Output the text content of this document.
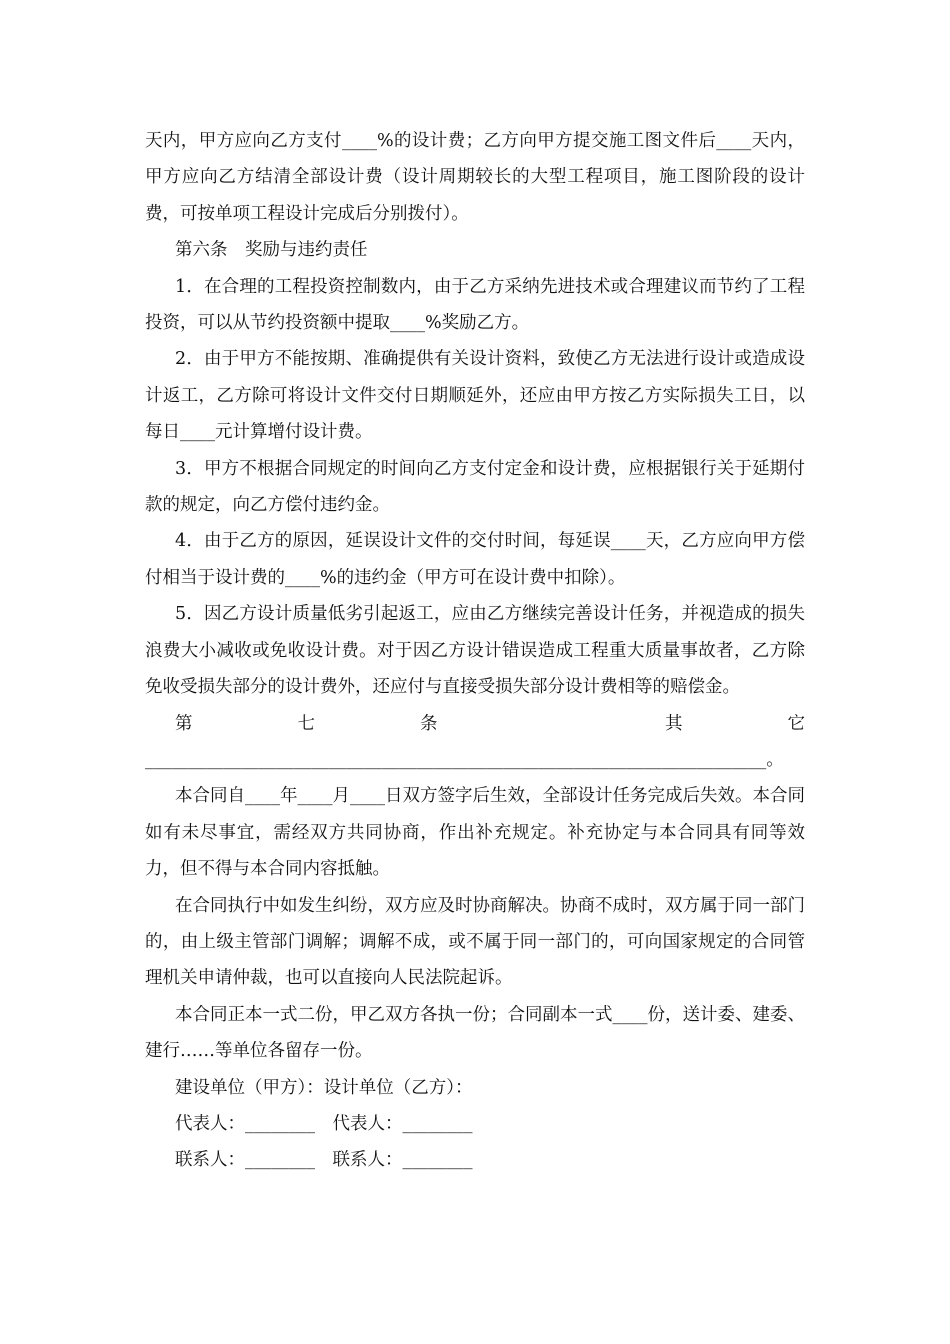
天内，甲方应向乙方支付____%的设计费；乙方向甲方提交施工图文件后____天内，甲方应向乙方结清全部设计费（设计周期较长的大型工程项目，施工图阶段的设计费，可按单项工程设计完成后分别拨付）。

第六条　奖励与违约责任

1．在合理的工程投资控制数内，由于乙方采纳先进技术或合理建议而节约了工程投资，可以从节约投资额中提取____%奖励乙方。

2．由于甲方不能按期、准确提供有关设计资料，致使乙方无法进行设计或造成设计返工，乙方除可将设计文件交付日期顺延外，还应由甲方按乙方实际损失工日，以每日____元计算增付设计费。

3．甲方不根据合同规定的时间向乙方支付定金和设计费，应根据银行关于延期付款的规定，向乙方偿付违约金。

4．由于乙方的原因，延误设计文件的交付时间，每延误____天，乙方应向甲方偿付相当于设计费的____%的违约金（甲方可在设计费中扣除）。

5．因乙方设计质量低劣引起返工，应由乙方继续完善设计任务，并视造成的损失浪费大小减收或免收设计费。对于因乙方设计错误造成工程重大质量事故者，乙方除免收受损失部分的设计费外，还应付与直接受损失部分设计费相等的赔偿金。

第七条　其它_______________________________________________________________________。

本合同自____年____月____日双方签字后生效，全部设计任务完成后失效。本合同如有未尽事宜，需经双方共同协商，作出补充规定。补充协定与本合同具有同等效力，但不得与本合同内容抵触。

在合同执行中如发生纠纷，双方应及时协商解决。协商不成时，双方属于同一部门的，由上级主管部门调解；调解不成，或不属于同一部门的，可向国家规定的合同管理机关申请仲裁，也可以直接向人民法院起诉。

本合同正本一式二份，甲乙双方各执一份；合同副本一式____份，送计委、建委、建行……等单位各留存一份。

建设单位（甲方）：设计单位（乙方）：

代表人：________　代表人：________

联系人：________　联系人：________
